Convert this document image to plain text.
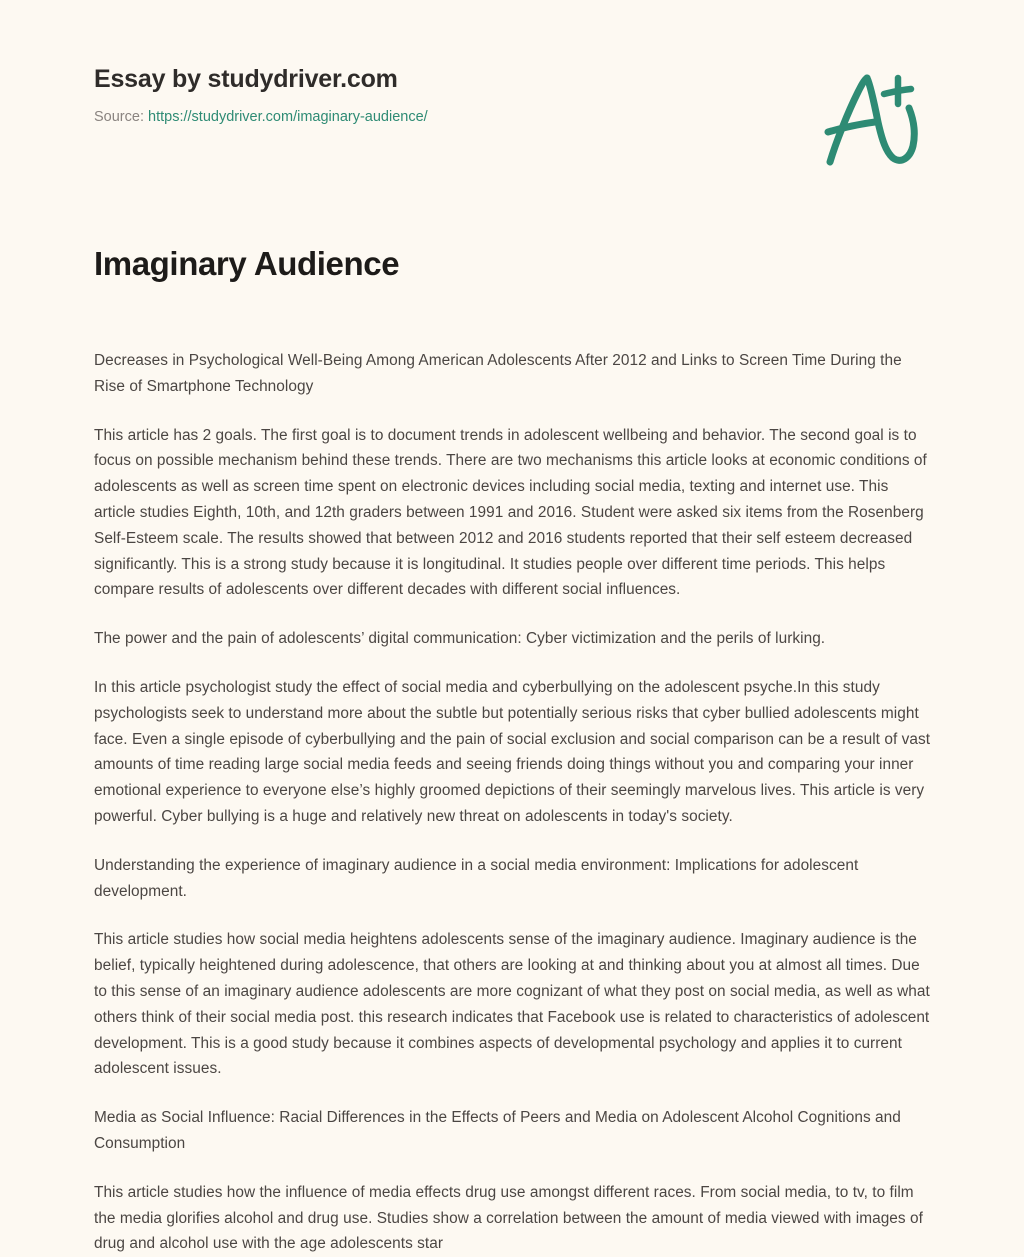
Essay by studydriver.com
Source: https://studydriver.com/imaginary-audience/
Imaginary Audience

Decreases in Psychological Well-Being Among American Adolescents After 2012 and Links to Screen Time During the Rise of Smartphone Technology

This article has 2 goals. The first goal is to document trends in adolescent wellbeing and behavior. The second goal is to focus on possible mechanism behind these trends. There are two mechanisms this article looks at economic conditions of adolescents as well as screen time spent on electronic devices including social media, texting and internet use. This article studies Eighth, 10th, and 12th graders between 1991 and 2016. Student were asked six items from the Rosenberg Self-Esteem scale. The results showed that between 2012 and 2016 students reported that their self esteem decreased significantly. This is a strong study because it is longitudinal. It studies people over different time periods. This helps compare results of adolescents over different decades with different social influences.

The power and the pain of adolescents’ digital communication: Cyber victimization and the perils of lurking.

In this article psychologist study the effect of social media and cyberbullying on the adolescent psyche.In this study psychologists seek to understand more about the subtle but potentially serious risks that cyber bullied adolescents might face. Even a single episode of cyberbullying and the pain of social exclusion and social comparison can be a result of vast amounts of time reading large social media feeds and seeing friends doing things without you and comparing your inner emotional experience to everyone else’s highly groomed depictions of their seemingly marvelous lives. This article is very powerful. Cyber bullying is a huge and relatively new threat on adolescents in today's society.

Understanding the experience of imaginary audience in a social media environment: Implications for adolescent development.

This article studies how social media heightens adolescents sense of the imaginary audience. Imaginary audience is the belief, typically heightened during adolescence, that others are looking at and thinking about you at almost all times. Due to this sense of an imaginary audience adolescents are more cognizant of what they post on social media, as well as what others think of their social media post. this research indicates that Facebook use is related to characteristics of adolescent development. This is a good study because it combines aspects of developmental psychology and applies it to current adolescent issues.

Media as Social Influence: Racial Differences in the Effects of Peers and Media on Adolescent Alcohol Cognitions and Consumption

This article studies how the influence of media effects drug use amongst different races. From social media, to tv, to film the media glorifies alcohol and drug use. Studies show a correlation between the amount of media viewed with images of drug and alcohol use with the age adolescents star
